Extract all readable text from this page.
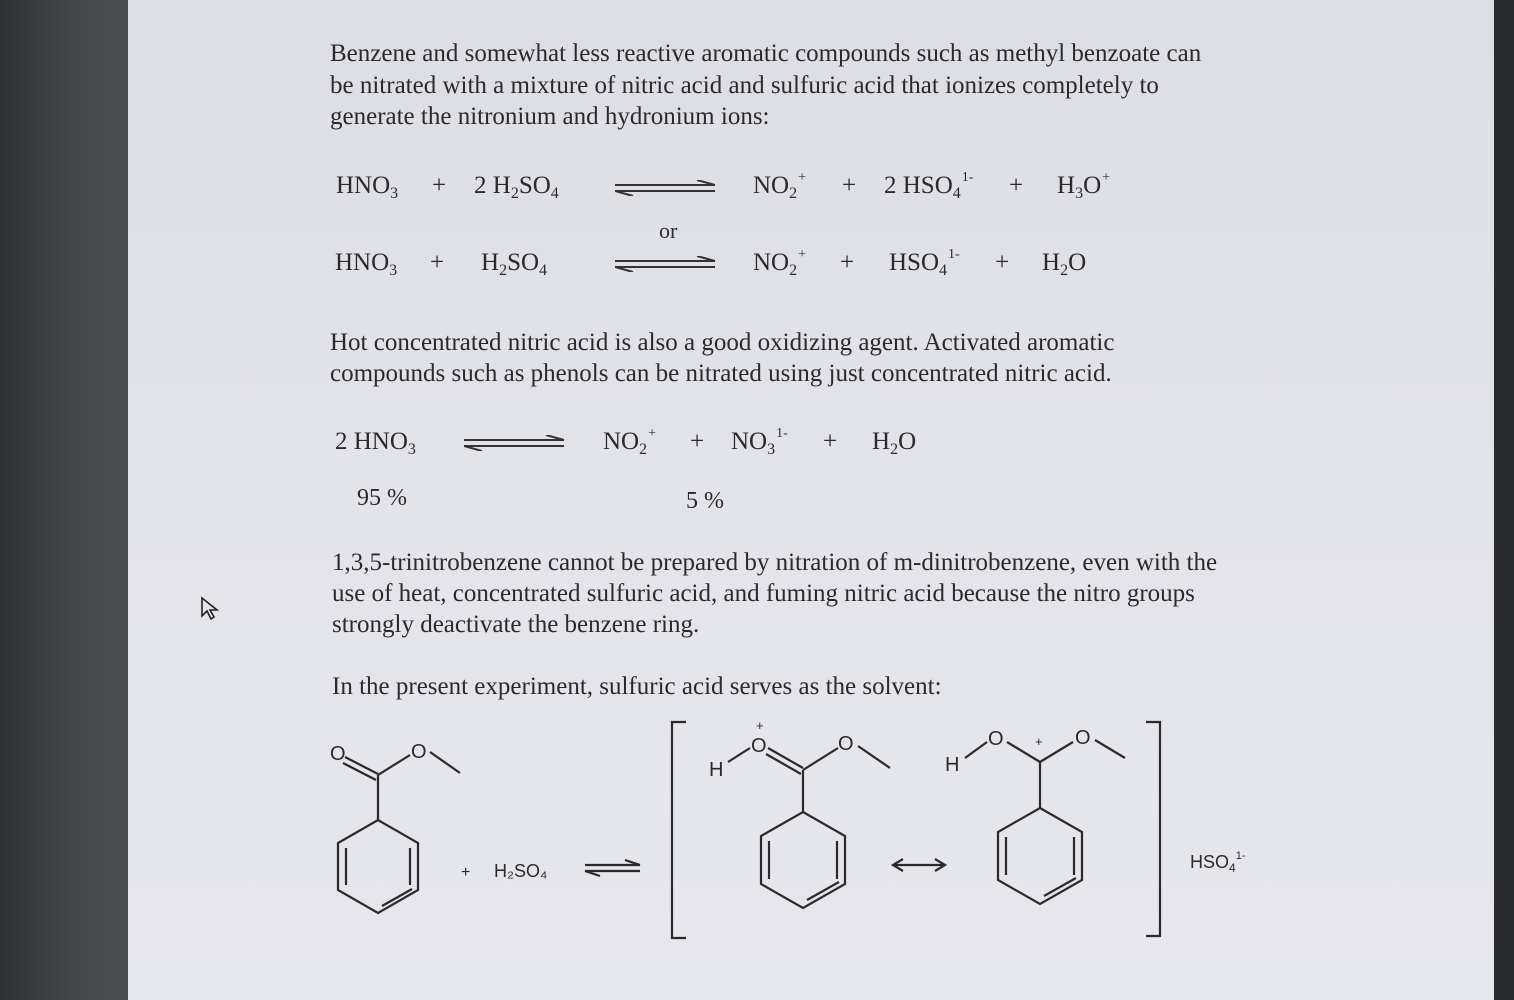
Benzene and somewhat less reactive aromatic compounds such as methyl benzoate can

be nitrated with a mixture of nitric acid and sulfuric acid that ionizes completely to

generate the nitronium and hydronium ions:

$HNO_3 + 2$ $H_2SO_4$	$NO_2^+ + 2$ $HSO_4^{1-} + H_3O^+$
or
$HNO_3 + H_2SO_4$	$NO_2^+ + HSO_4^{1-} + H_2O$

Hot concentrated nitric acid is also a good oxidizing agent. Activated aromatic

compounds such as phenols can be nitrated using just concentrated nitric acid.

2 $HNO_3$	$NO_2^+ + NO_3^{1-} + H_2O$
95 %	5 %

1,3,5-trinitrobenzene cannot be prepared by nitration of m-dinitrobenzene, even with the

use of heat, concentrated sulfuric acid, and fuming nitric acid because the nitro groups

strongly deactivate the benzene ring.

In the present experiment, sulfuric acid serves as the solvent:

O	O
+ H₂SO₄
H
O
+
O
H
O + O
$HSO_4^{1-}$
